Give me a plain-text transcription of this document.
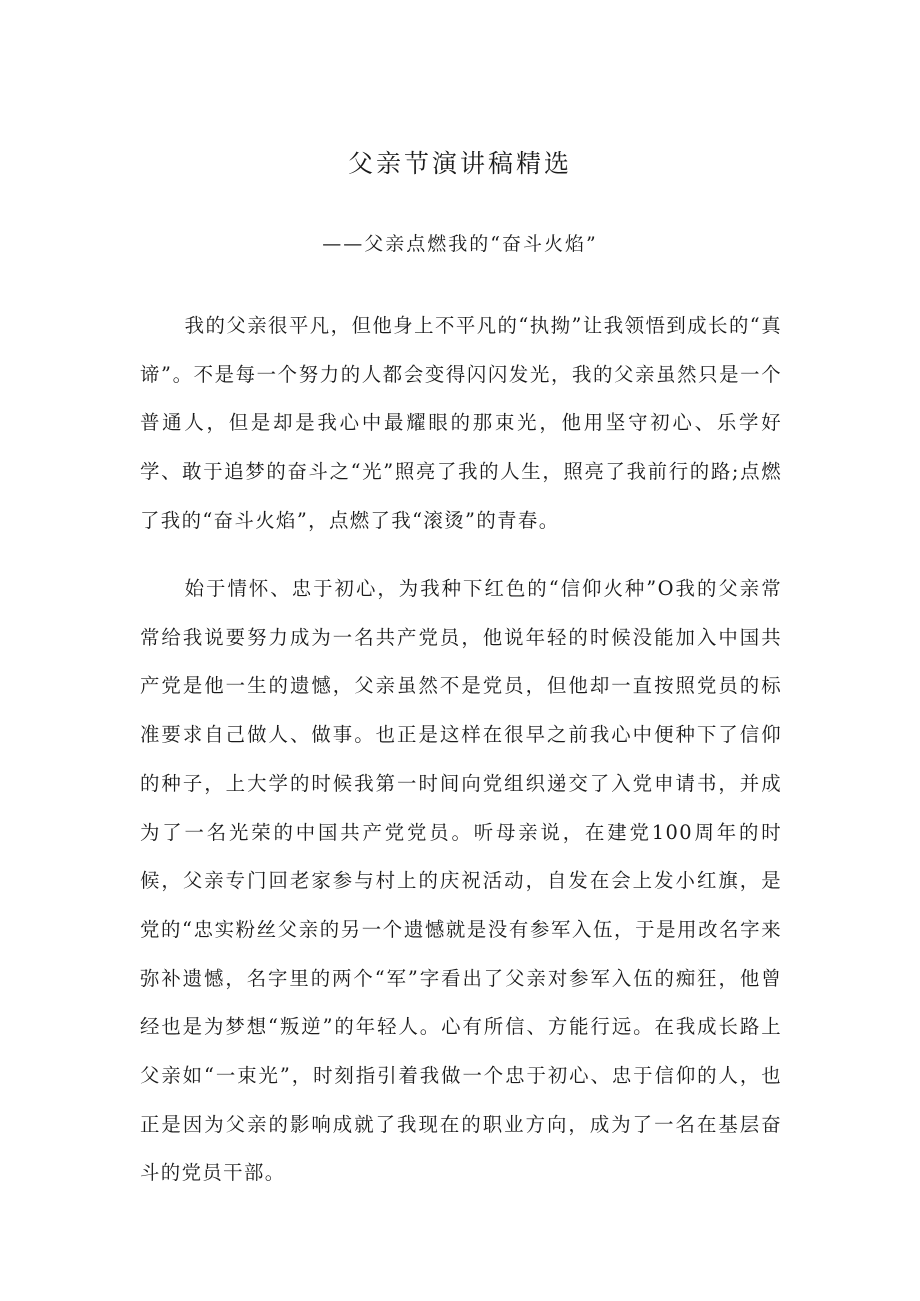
父亲节演讲稿精选
——父亲点燃我的“奋斗火焰”

我的父亲很平凡，但他身上不平凡的“执拗”让我领悟到成长的“真谛”。不是每一个努力的人都会变得闪闪发光，我的父亲虽然只是一个普通人，但是却是我心中最耀眼的那束光，他用坚守初心、乐学好学、敢于追梦的奋斗之“光”照亮了我的人生，照亮了我前行的路;点燃了我的“奋斗火焰”，点燃了我“滚烫”的青春。

始于情怀、忠于初心，为我种下红色的“信仰火种”O我的父亲常常给我说要努力成为一名共产党员，他说年轻的时候没能加入中国共产党是他一生的遗憾，父亲虽然不是党员，但他却一直按照党员的标准要求自己做人、做事。也正是这样在很早之前我心中便种下了信仰的种子，上大学的时候我第一时间向党组织递交了入党申请书，并成为了一名光荣的中国共产党党员。听母亲说，在建党100周年的时候，父亲专门回老家参与村上的庆祝活动，自发在会上发小红旗，是党的“忠实粉丝父亲的另一个遗憾就是没有参军入伍，于是用改名字来弥补遗憾，名字里的两个“军”字看出了父亲对参军入伍的痴狂，他曾经也是为梦想“叛逆”的年轻人。心有所信、方能行远。在我成长路上父亲如“一束光”，时刻指引着我做一个忠于初心、忠于信仰的人，也正是因为父亲的影响成就了我现在的职业方向，成为了一名在基层奋斗的党员干部。
